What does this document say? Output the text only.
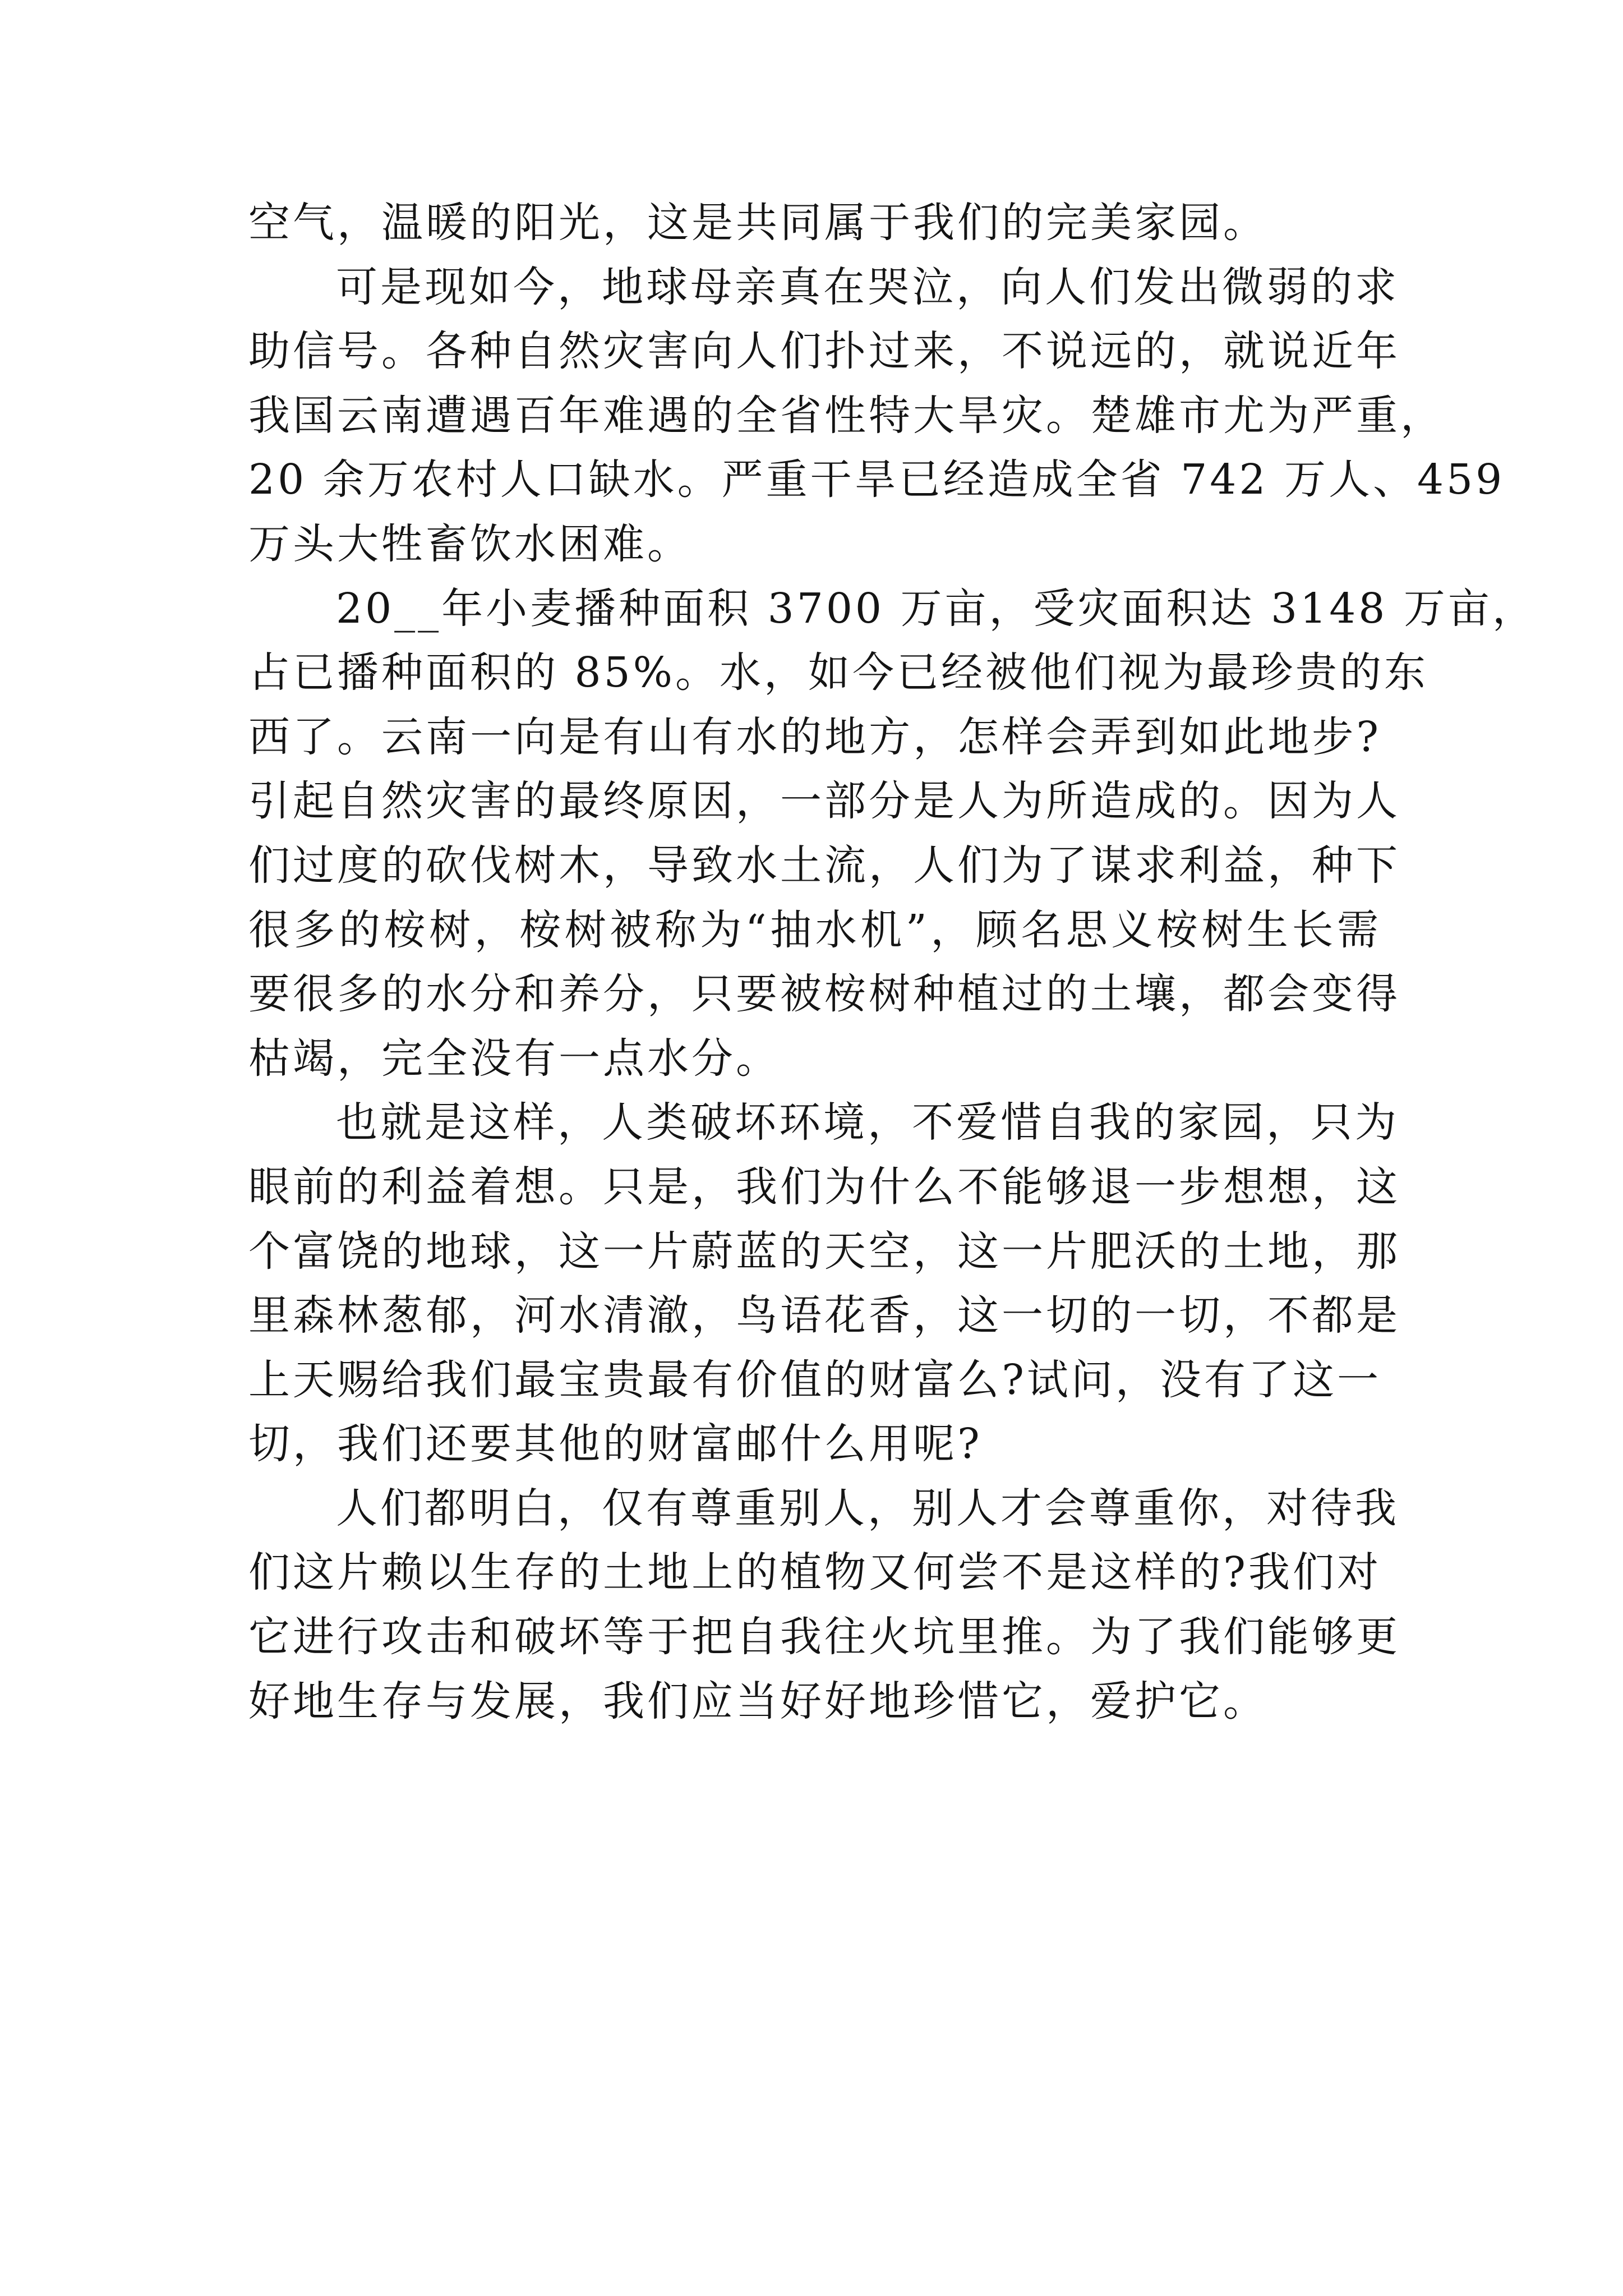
空气，温暖的阳光，这是共同属于我们的完美家园。
可是现如今，地球母亲真在哭泣，向人们发出微弱的求
助信号。各种自然灾害向人们扑过来，不说远的，就说近年
我国云南遭遇百年难遇的全省性特大旱灾。楚雄市尤为严重，
20 余万农村人口缺水。严重干旱已经造成全省 742 万人、459
万头大牲畜饮水困难。
20__年小麦播种面积 3700 万亩，受灾面积达 3148 万亩，
占已播种面积的 85%。水，如今已经被他们视为最珍贵的东
西了。云南一向是有山有水的地方，怎样会弄到如此地步?
引起自然灾害的最终原因，一部分是人为所造成的。因为人
们过度的砍伐树木，导致水土流，人们为了谋求利益，种下
很多的桉树，桉树被称为“抽水机”，顾名思义桉树生长需
要很多的水分和养分，只要被桉树种植过的土壤，都会变得
枯竭，完全没有一点水分。
也就是这样，人类破坏环境，不爱惜自我的家园，只为
眼前的利益着想。只是，我们为什么不能够退一步想想，这
个富饶的地球，这一片蔚蓝的天空，这一片肥沃的土地，那
里森林葱郁，河水清澈，鸟语花香，这一切的一切，不都是
上天赐给我们最宝贵最有价值的财富么?试问，没有了这一
切，我们还要其他的财富邮什么用呢?
人们都明白，仅有尊重别人，别人才会尊重你，对待我
们这片赖以生存的土地上的植物又何尝不是这样的?我们对
它进行攻击和破坏等于把自我往火坑里推。为了我们能够更
好地生存与发展，我们应当好好地珍惜它，爱护它。
